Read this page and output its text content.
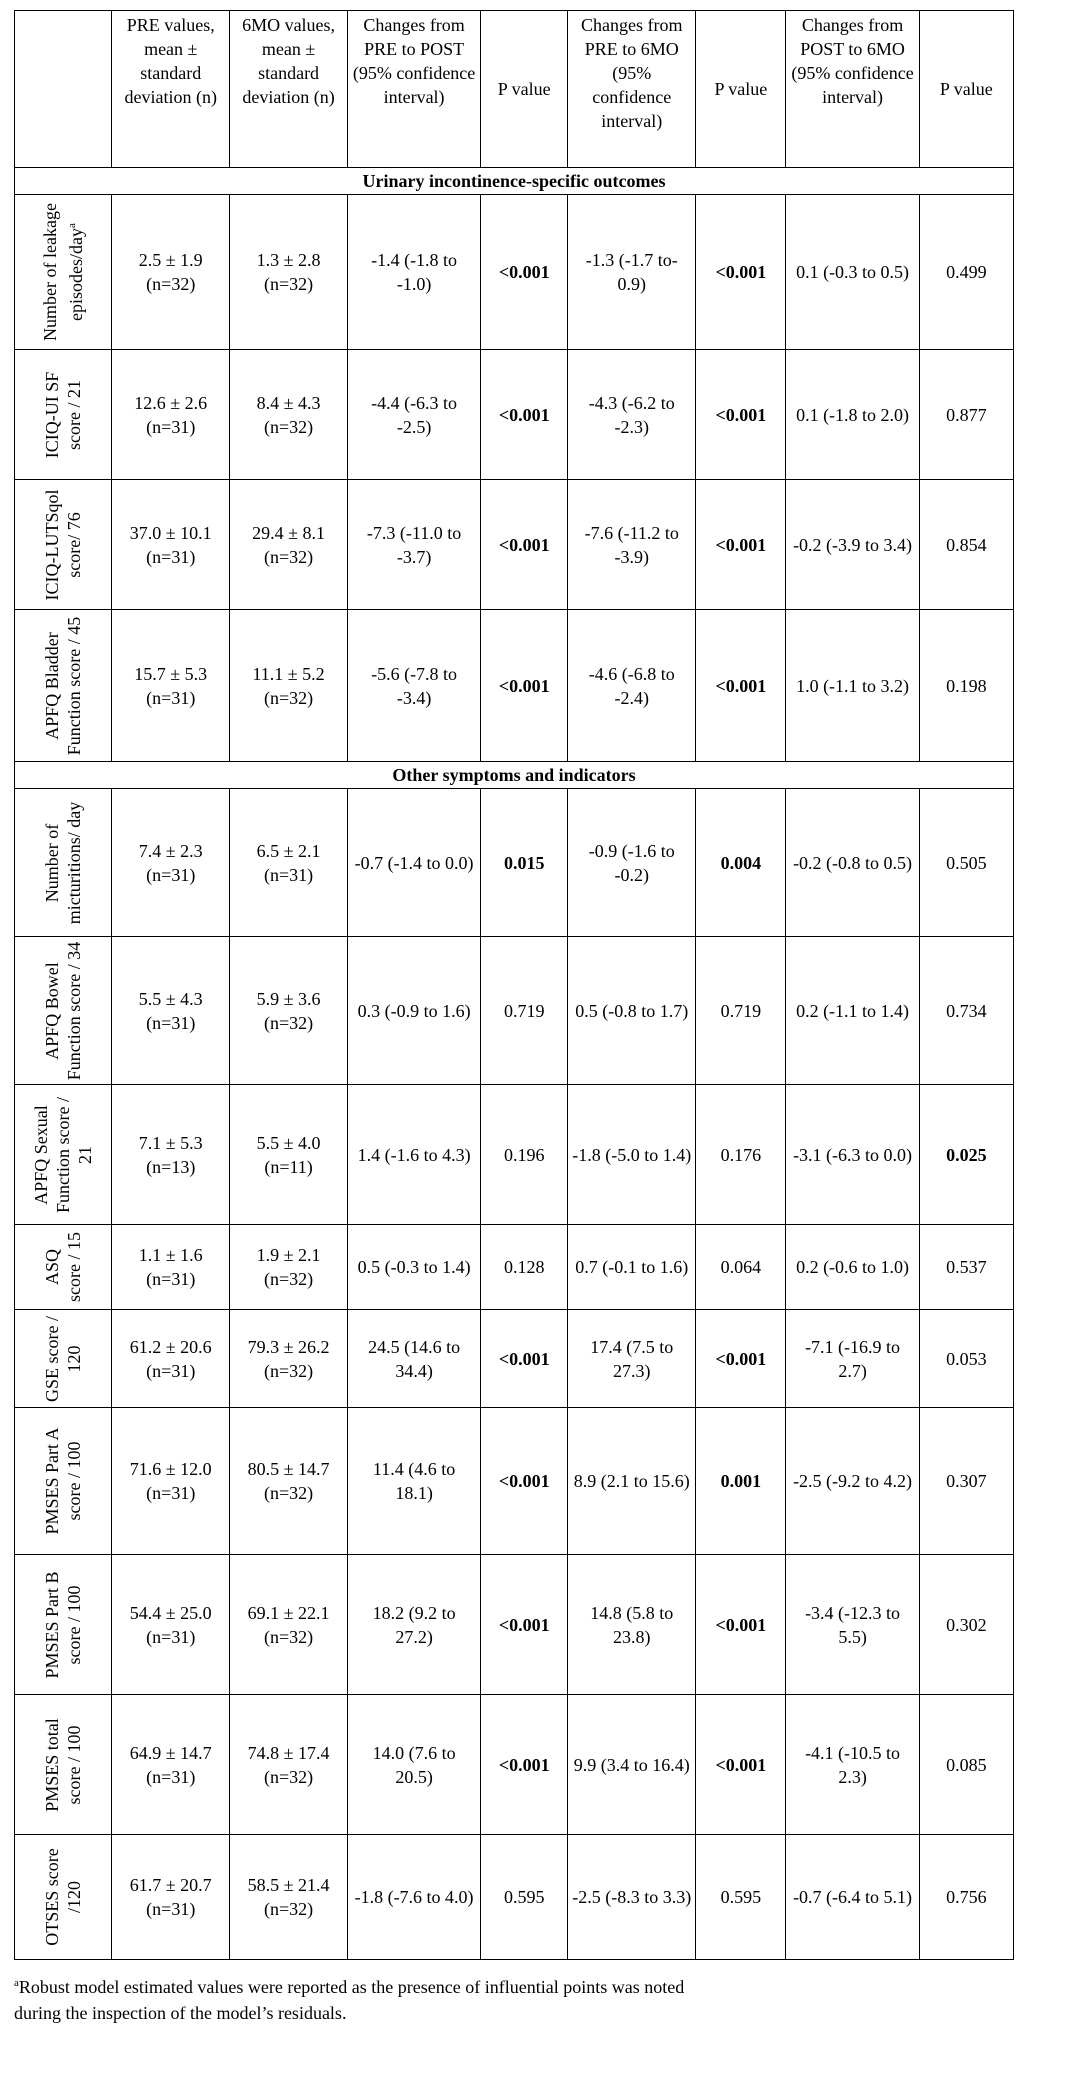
	PRE values, mean ± standard deviation (n)	6MO values, mean ± standard deviation (n)	Changes from PRE to POST (95% confidence interval)	P value	Changes from PRE to 6MO (95% confidence interval)	P value	Changes from POST to 6MO (95% confidence interval)	P value
Urinary incontinence-specific outcomes								

Number of leakage episodes/day$^a$	2.5 ± 1.9 (n=32)	1.3 ± 2.8 (n=32)	-1.4 (-1.8 to -1.0)	<0.001	-1.3 (-1.7 to-0.9)	<0.001	0.1 (-0.3 to 0.5)	0.499

ICIQ-UI SF score / 21	12.6 ± 2.6 (n=31)	8.4 ± 4.3 (n=32)	-4.4 (-6.3 to -2.5)	<0.001	-4.3 (-6.2 to -2.3)	<0.001	0.1 (-1.8 to 2.0)	0.877

ICIQ-LUTSqol score/ 76	37.0 ± 10.1 (n=31)	29.4 ± 8.1 (n=32)	-7.3 (-11.0 to -3.7)	<0.001	-7.6 (-11.2 to -3.9)	<0.001	-0.2 (-3.9 to 3.4)	0.854

APFQ Bladder Function score / 45	15.7 ± 5.3 (n=31)	11.1 ± 5.2 (n=32)	-5.6 (-7.8 to -3.4)	<0.001	-4.6 (-6.8 to -2.4)	<0.001	1.0 (-1.1 to 3.2)	0.198
Other symptoms and indicators								

Number of micturitions/ day	7.4 ± 2.3 (n=31)	6.5 ± 2.1 (n=31)	-0.7 (-1.4 to 0.0)	0.015	-0.9 (-1.6 to -0.2)	0.004	-0.2 (-0.8 to 0.5)	0.505

APFQ Bowel Function score / 34	5.5 ± 4.3 (n=31)	5.9 ± 3.6 (n=32)	0.3 (-0.9 to 1.6)	0.719	0.5 (-0.8 to 1.7)	0.719	0.2 (-1.1 to 1.4)	0.734

APFQ Sexual Function score / 21	7.1 ± 5.3 (n=13)	5.5 ± 4.0 (n=11)	1.4 (-1.6 to 4.3)	0.196	-1.8 (-5.0 to 1.4)	0.176	-3.1 (-6.3 to 0.0)	0.025

ASQ score / 15	1.1 ± 1.6 (n=31)	1.9 ± 2.1 (n=32)	0.5 (-0.3 to 1.4)	0.128	0.7 (-0.1 to 1.6)	0.064	0.2 (-0.6 to 1.0)	0.537

GSE score / 120	61.2 ± 20.6 (n=31)	79.3 ± 26.2 (n=32)	24.5 (14.6 to 34.4)	<0.001	17.4 (7.5 to 27.3)	<0.001	-7.1 (-16.9 to 2.7)	0.053

PMSES Part A score / 100	71.6 ± 12.0 (n=31)	80.5 ± 14.7 (n=32)	11.4 (4.6 to 18.1)	<0.001	8.9 (2.1 to 15.6)	0.001	-2.5 (-9.2 to 4.2)	0.307

PMSES Part B score / 100	54.4 ± 25.0 (n=31)	69.1 ± 22.1 (n=32)	18.2 (9.2 to 27.2)	<0.001	14.8 (5.8 to 23.8)	<0.001	-3.4 (-12.3 to 5.5)	0.302

PMSES total score / 100	64.9 ± 14.7 (n=31)	74.8 ± 17.4 (n=32)	14.0 (7.6 to 20.5)	<0.001	9.9 (3.4 to 16.4)	<0.001	-4.1 (-10.5 to 2.3)	0.085

OTSES score /120	61.7 ± 20.7 (n=31)	58.5 ± 21.4 (n=32)	-1.8 (-7.6 to 4.0)	0.595	-2.5 (-8.3 to 3.3)	0.595	-0.7 (-6.4 to 5.1)	0.756
$^a$Robust model estimated values were reported as the presence of influential points was noted
during the inspection of the model’s residuals.
